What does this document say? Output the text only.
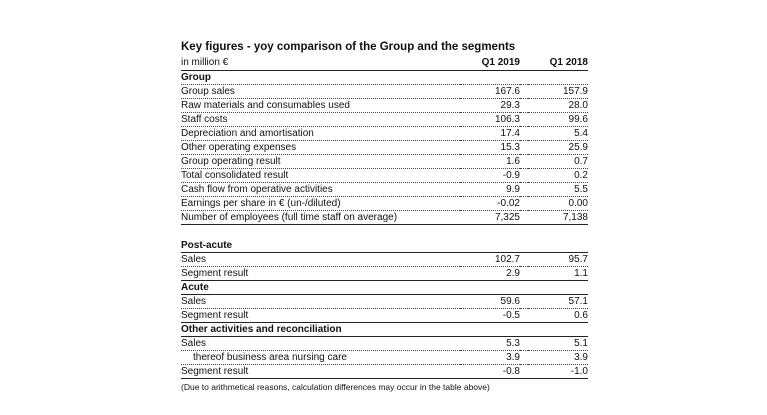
Key figures - yoy comparison of the Group and the segments
in million €	Q1 2019		Q1 2018
Group			
Group sales	167.6		157.9
Raw materials and consumables used	29.3		28.0
Staff costs	106.3		99.6
Depreciation and amortisation	17.4		5.4
Other operating expenses	15.3		25.9
Group operating result	1.6		0.7
Total consolidated result	-0.9		0.2
Cash flow from operative activities	9.9		5.5
Earnings per share in € (un-/diluted)	-0.02		0.00
Number of employees (full time staff on average)	7,325		7,138

Post-acute			
Sales	102.7		95.7
Segment result	2.9		1.1
Acute			
Sales	59.6		57.1
Segment result	-0.5		0.6
Other activities and reconciliation			
Sales	5.3		5.1
thereof business area nursing care	3.9		3.9
Segment result	-0.8		-1.0
(Due to arithmetical reasons, calculation differences may occur in the table above)
